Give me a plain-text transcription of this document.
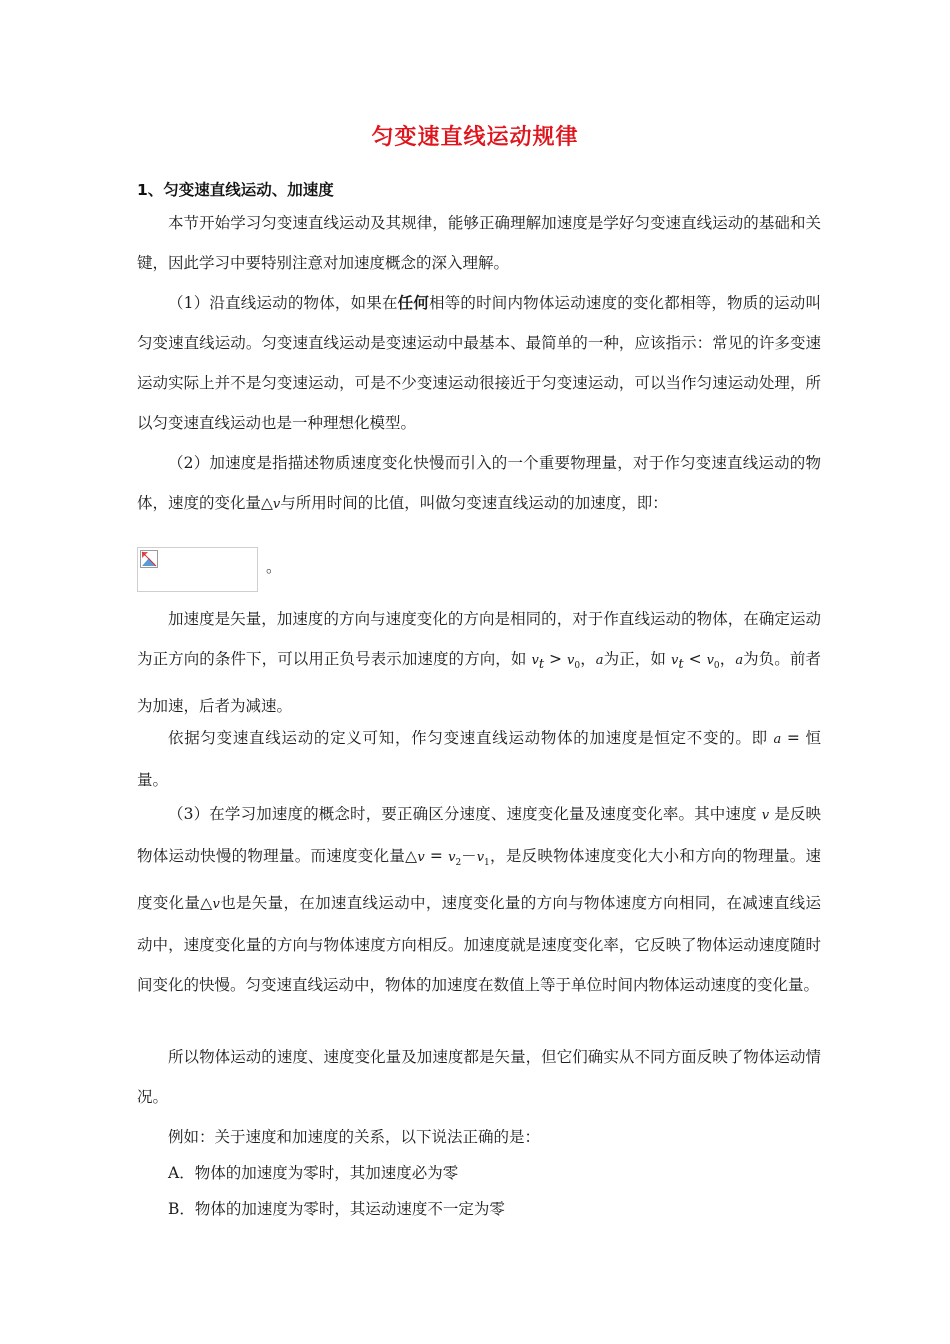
匀变速直线运动规律
1、匀变速直线运动、加速度
本节开始学习匀变速直线运动及其规律，能够正确理解加速度是学好匀变速直线运动的基础和关键，因此学习中要特别注意对加速度概念的深入理解。
（1）沿直线运动的物体，如果在任何相等的时间内物体运动速度的变化都相等，物质的运动叫匀变速直线运动。匀变速直线运动是变速运动中最基本、最简单的一种，应该指示：常见的许多变速运动实际上并不是匀变速运动，可是不少变速运动很接近于匀变速运动，可以当作匀速运动处理，所以匀变速直线运动也是一种理想化模型。
（2）加速度是指描述物质速度变化快慢而引入的一个重要物理量，对于作匀变速直线运动的物体，速度的变化量△v与所用时间的比值，叫做匀变速直线运动的加速度，即：
。
加速度是矢量，加速度的方向与速度变化的方向是相同的，对于作直线运动的物体，在确定运动为正方向的条件下，可以用正负号表示加速度的方向，如 $v_t > v_0$，a为正，如 $v_t < v_0$，a为负。前者为加速，后者为减速。
依据匀变速直线运动的定义可知，作匀变速直线运动物体的加速度是恒定不变的。即 a = 恒量。
（3）在学习加速度的概念时，要正确区分速度、速度变化量及速度变化率。其中速度 v 是反映物体运动快慢的物理量。而速度变化量△v = $v_2-v_1$，是反映物体速度变化大小和方向的物理量。速度变化量△v也是矢量，在加速直线运动中，速度变化量的方向与物体速度方向相同，在减速直线运动中，速度变化量的方向与物体速度方向相反。加速度就是速度变化率，它反映了物体运动速度随时间变化的快慢。匀变速直线运动中，物体的加速度在数值上等于单位时间内物体运动速度的变化量。
所以物体运动的速度、速度变化量及加速度都是矢量，但它们确实从不同方面反映了物体运动情况。
例如：关于速度和加速度的关系，以下说法正确的是：
A．物体的加速度为零时，其加速度必为零
B．物体的加速度为零时，其运动速度不一定为零
